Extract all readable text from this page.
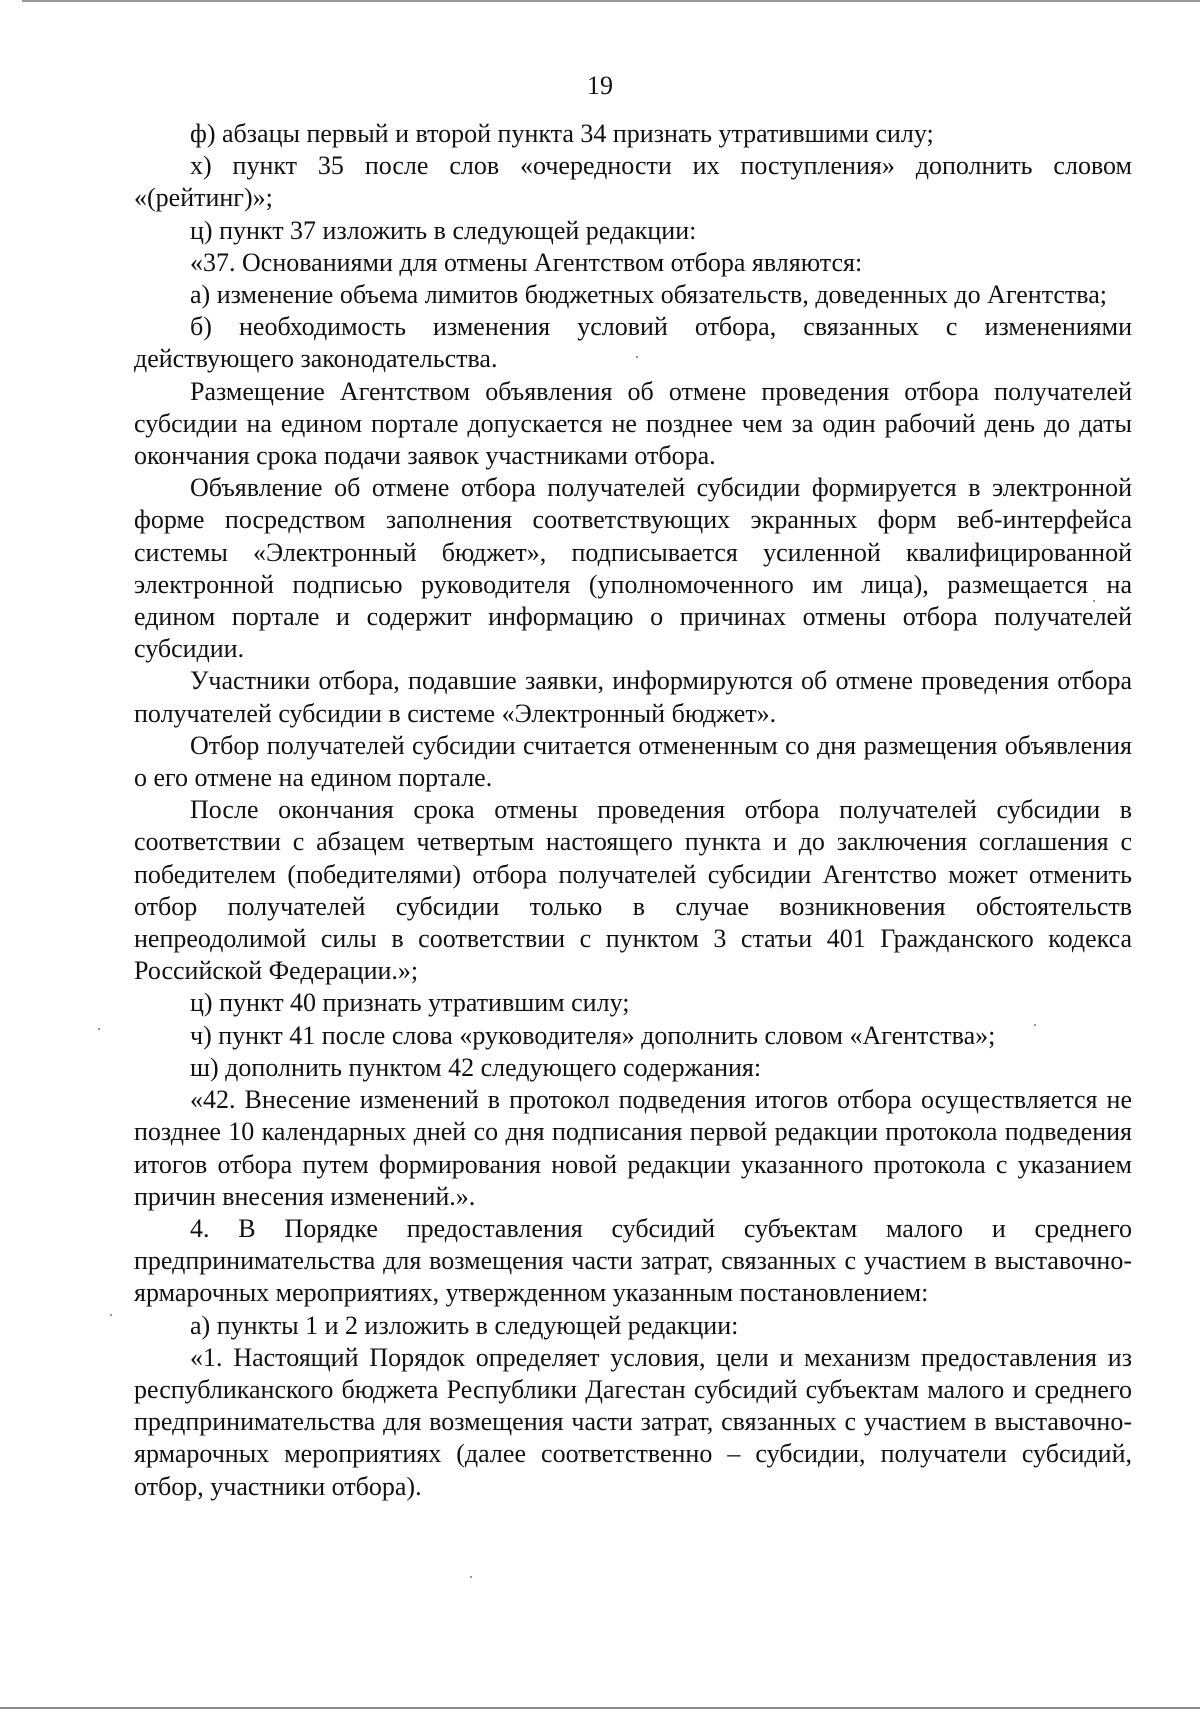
19

ф) абзацы первый и второй пункта 34 признать утратившими силу;

х) пункт 35 после слов «очередности их поступления» дополнить словом «(рейтинг)»;

ц) пункт 37 изложить в следующей редакции:

«37. Основаниями для отмены Агентством отбора являются:

а) изменение объема лимитов бюджетных обязательств, доведенных до Агентства;

б) необходимость изменения условий отбора, связанных с изменениями действующего законодательства.

Размещение Агентством объявления об отмене проведения отбора получателей субсидии на едином портале допускается не позднее чем за один рабочий день до даты окончания срока подачи заявок участниками отбора.

Объявление об отмене отбора получателей субсидии формируется в электронной форме посредством заполнения соответствующих экранных форм веб-интерфейса системы «Электронный бюджет», подписывается усиленной квалифицированной электронной подписью руководителя (уполномоченного им лица), размещается на едином портале и содержит информацию о причинах отмены отбора получателей субсидии.

Участники отбора, подавшие заявки, информируются об отмене проведения отбора получателей субсидии в системе «Электронный бюджет».

Отбор получателей субсидии считается отмененным со дня размещения объявления о его отмене на едином портале.

После окончания срока отмены проведения отбора получателей субсидии в соответствии с абзацем четвертым настоящего пункта и до заключения соглашения с победителем (победителями) отбора получателей субсидии Агентство может отменить отбор получателей субсидии только в случае возникновения обстоятельств непреодолимой силы в соответствии с пунктом 3 статьи 401 Гражданского кодекса Российской Федерации.»;

ц) пункт 40 признать утратившим силу;

ч) пункт 41 после слова «руководителя» дополнить словом «Агентства»;

ш) дополнить пунктом 42 следующего содержания:

«42. Внесение изменений в протокол подведения итогов отбора осуществляется не позднее 10 календарных дней со дня подписания первой редакции протокола подведения итогов отбора путем формирования новой редакции указанного протокола с указанием причин внесения изменений.».

4. В Порядке предоставления субсидий субъектам малого и среднего предпринимательства для возмещения части затрат, связанных с участием в выставочно-ярмарочных мероприятиях, утвержденном указанным постановлением:

а) пункты 1 и 2 изложить в следующей редакции:

«1. Настоящий Порядок определяет условия, цели и механизм предоставления из республиканского бюджета Республики Дагестан субсидий субъектам малого и среднего предпринимательства для возмещения части затрат, связанных с участием в выставочно-ярмарочных мероприятиях (далее соответственно – субсидии, получатели субсидий, отбор, участники отбора).
